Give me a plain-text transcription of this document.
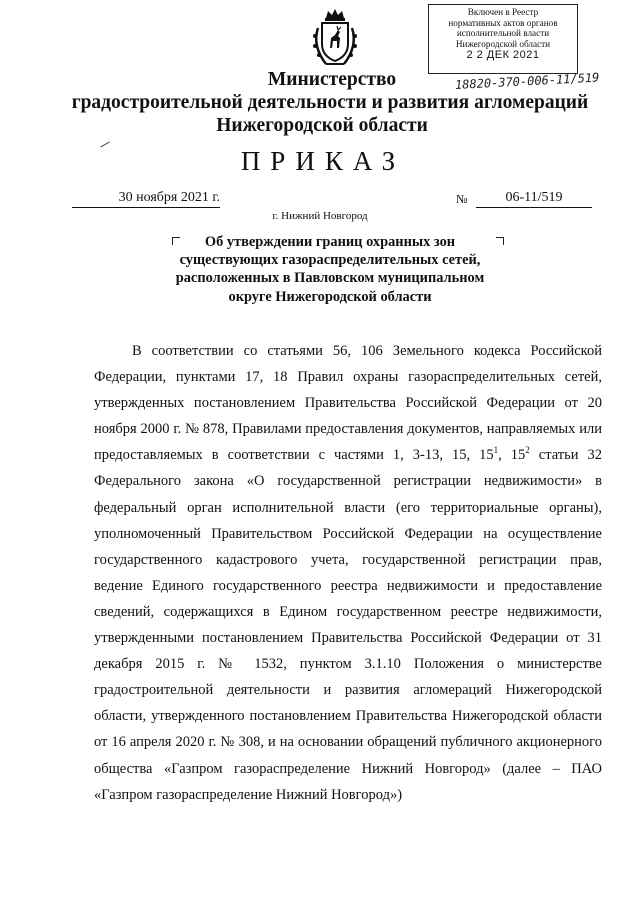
Включен в Реестр
нормативных актов органов
исполнительной власти
Нижегородской области
2 2 ДЕК 2021
18820-370-006-11/519
Министерство
градостроительной деятельности и развития агломераций
Нижегородской области
ПРИКАЗ
30 ноября 2021 г.	№	06-11/519
г. Нижний Новгород
Об утверждении границ охранных зон существующих газораспределительных сетей, расположенных в Павловском муниципальном округе Нижегородской области
В соответствии со статьями 56, 106 Земельного кодекса Российской Федерации, пунктами 17, 18 Правил охраны газораспределительных сетей, утвержденных постановлением Правительства Российской Федерации от 20 ноября 2000 г. № 878, Правилами предоставления документов, направляемых или предоставляемых в соответствии с частями 1, 3-13, 15, $15^1$, $15^2$ статьи 32 Федерального закона «О государственной регистрации недвижимости» в федеральный орган исполнительной власти (его территориальные органы), уполномоченный Правительством Российской Федерации на осуществление государственного кадастрового учета, государственной регистрации прав, ведение Единого государственного реестра недвижимости и предоставление сведений, содержащихся в Едином государственном реестре недвижимости, утвержденными постановлением Правительства Российской Федерации от 31 декабря 2015 г. № 1532, пунктом 3.1.10 Положения о министерстве градостроительной деятельности и развития агломераций Нижегородской области, утвержденного постановлением Правительства Нижегородской области от 16 апреля 2020 г. № 308, и на основании обращений публичного акционерного общества «Газпром газораспределение Нижний Новгород» (далее – ПАО «Газпром газораспределение Нижний Новгород»)
